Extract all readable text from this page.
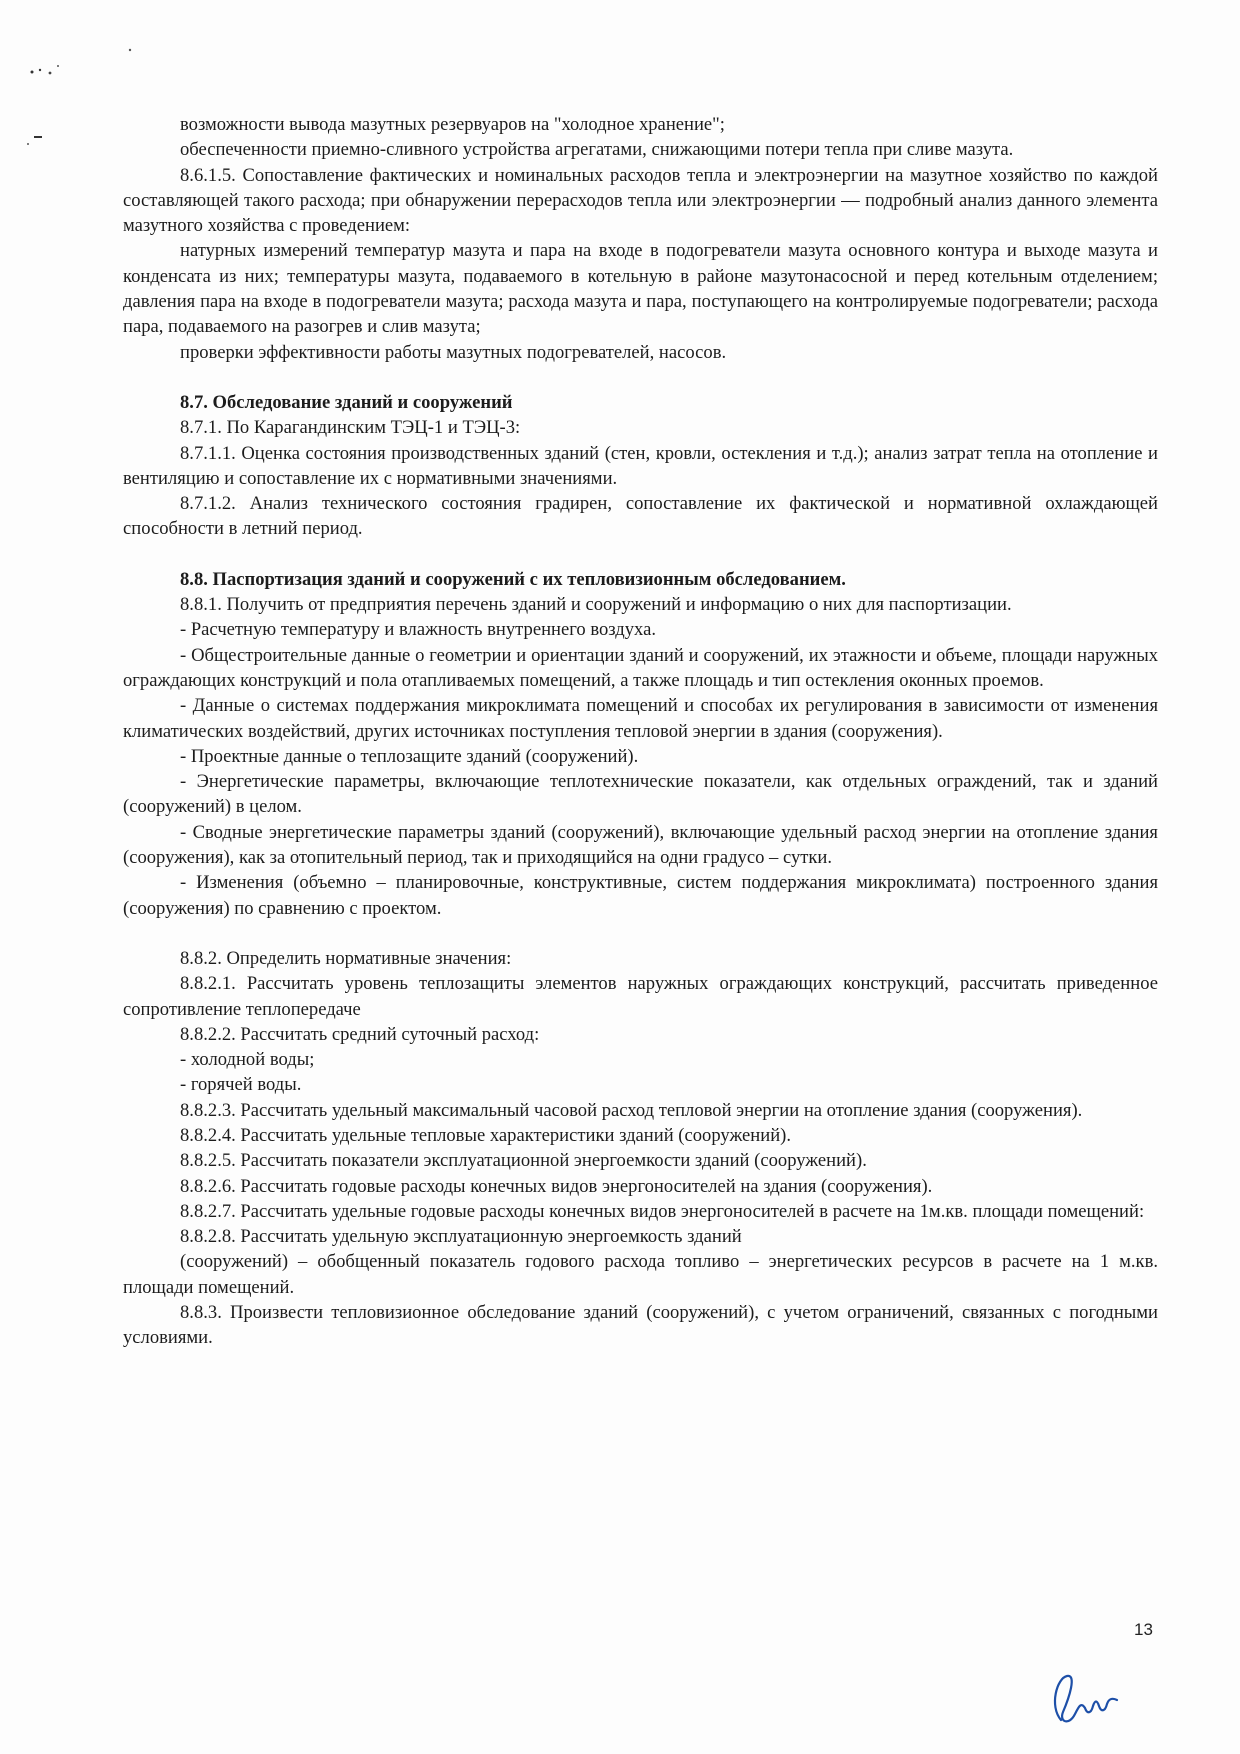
возможности вывода мазутных резервуаров на "холодное хранение";

обеспеченности приемно-сливного устройства агрегатами, снижающими потери тепла при сливе мазута.

8.6.1.5. Сопоставление фактических и номинальных расходов тепла и электроэнергии на мазутное хозяйство по каждой составляющей такого расхода; при обнаружении перерасходов тепла или электроэнергии — подробный анализ данного элемента мазутного хозяйства с проведением:

натурных измерений температур мазута и пара на входе в подогреватели мазута основного контура и выходе мазута и конденсата из них; температуры мазута, подаваемого в котельную в районе мазутонасосной и перед котельным отделением; давления пара на входе в подогреватели мазута; расхода мазута и пара, поступающего на контролируемые подогреватели; расхода пара, подаваемого на разогрев и слив мазута;

проверки эффективности работы мазутных подогревателей, насосов.

8.7. Обследование зданий и сооружений

8.7.1. По Карагандинским ТЭЦ-1 и ТЭЦ-3:

8.7.1.1. Оценка состояния производственных зданий (стен, кровли, остекления и т.д.); анализ затрат тепла на отопление и вентиляцию и сопоставление их с нормативными значениями.

8.7.1.2. Анализ технического состояния градирен, сопоставление их фактической и нормативной охлаждающей способности в летний период.

8.8. Паспортизация зданий и сооружений с их тепловизионным обследованием.

8.8.1. Получить от предприятия перечень зданий и сооружений и информацию о них для паспортизации.

- Расчетную температуру и влажность внутреннего воздуха.

- Общестроительные данные о геометрии и ориентации зданий и сооружений, их этажности и объеме, площади наружных ограждающих конструкций и пола отапливаемых помещений, а также площадь и тип остекления оконных проемов.

- Данные о системах поддержания микроклимата помещений и способах их регулирования в зависимости от изменения климатических воздействий, других источниках поступления тепловой энергии в здания (сооружения).

- Проектные данные о теплозащите зданий (сооружений).

- Энергетические параметры, включающие теплотехнические показатели, как отдельных ограждений, так и зданий (сооружений) в целом.

- Сводные энергетические параметры зданий (сооружений), включающие удельный расход энергии на отопление здания (сооружения), как за отопительный период, так и приходящийся на одни градусо – сутки.

- Изменения (объемно – планировочные, конструктивные, систем поддержания микроклимата) построенного здания (сооружения) по сравнению с проектом.

8.8.2. Определить нормативные значения:

8.8.2.1. Рассчитать уровень теплозащиты элементов наружных ограждающих конструкций, рассчитать приведенное сопротивление теплопередаче

8.8.2.2. Рассчитать средний суточный расход:

- холодной воды;

- горячей воды.

8.8.2.3. Рассчитать удельный максимальный часовой расход тепловой энергии на отопление здания (сооружения).

8.8.2.4. Рассчитать удельные тепловые характеристики зданий (сооружений).

8.8.2.5. Рассчитать показатели эксплуатационной энергоемкости зданий (сооружений).

8.8.2.6. Рассчитать годовые расходы конечных видов энергоносителей на здания (сооружения).

8.8.2.7. Рассчитать удельные годовые расходы конечных видов энергоносителей в расчете на 1м.кв. площади помещений:

8.8.2.8. Рассчитать удельную эксплуатационную энергоемкость зданий

(сооружений) – обобщенный показатель годового расхода топливо – энергетических ресурсов в расчете на 1 м.кв. площади помещений.

8.8.3. Произвести тепловизионное обследование зданий (сооружений), с учетом ограничений, связанных с погодными условиями.

13
